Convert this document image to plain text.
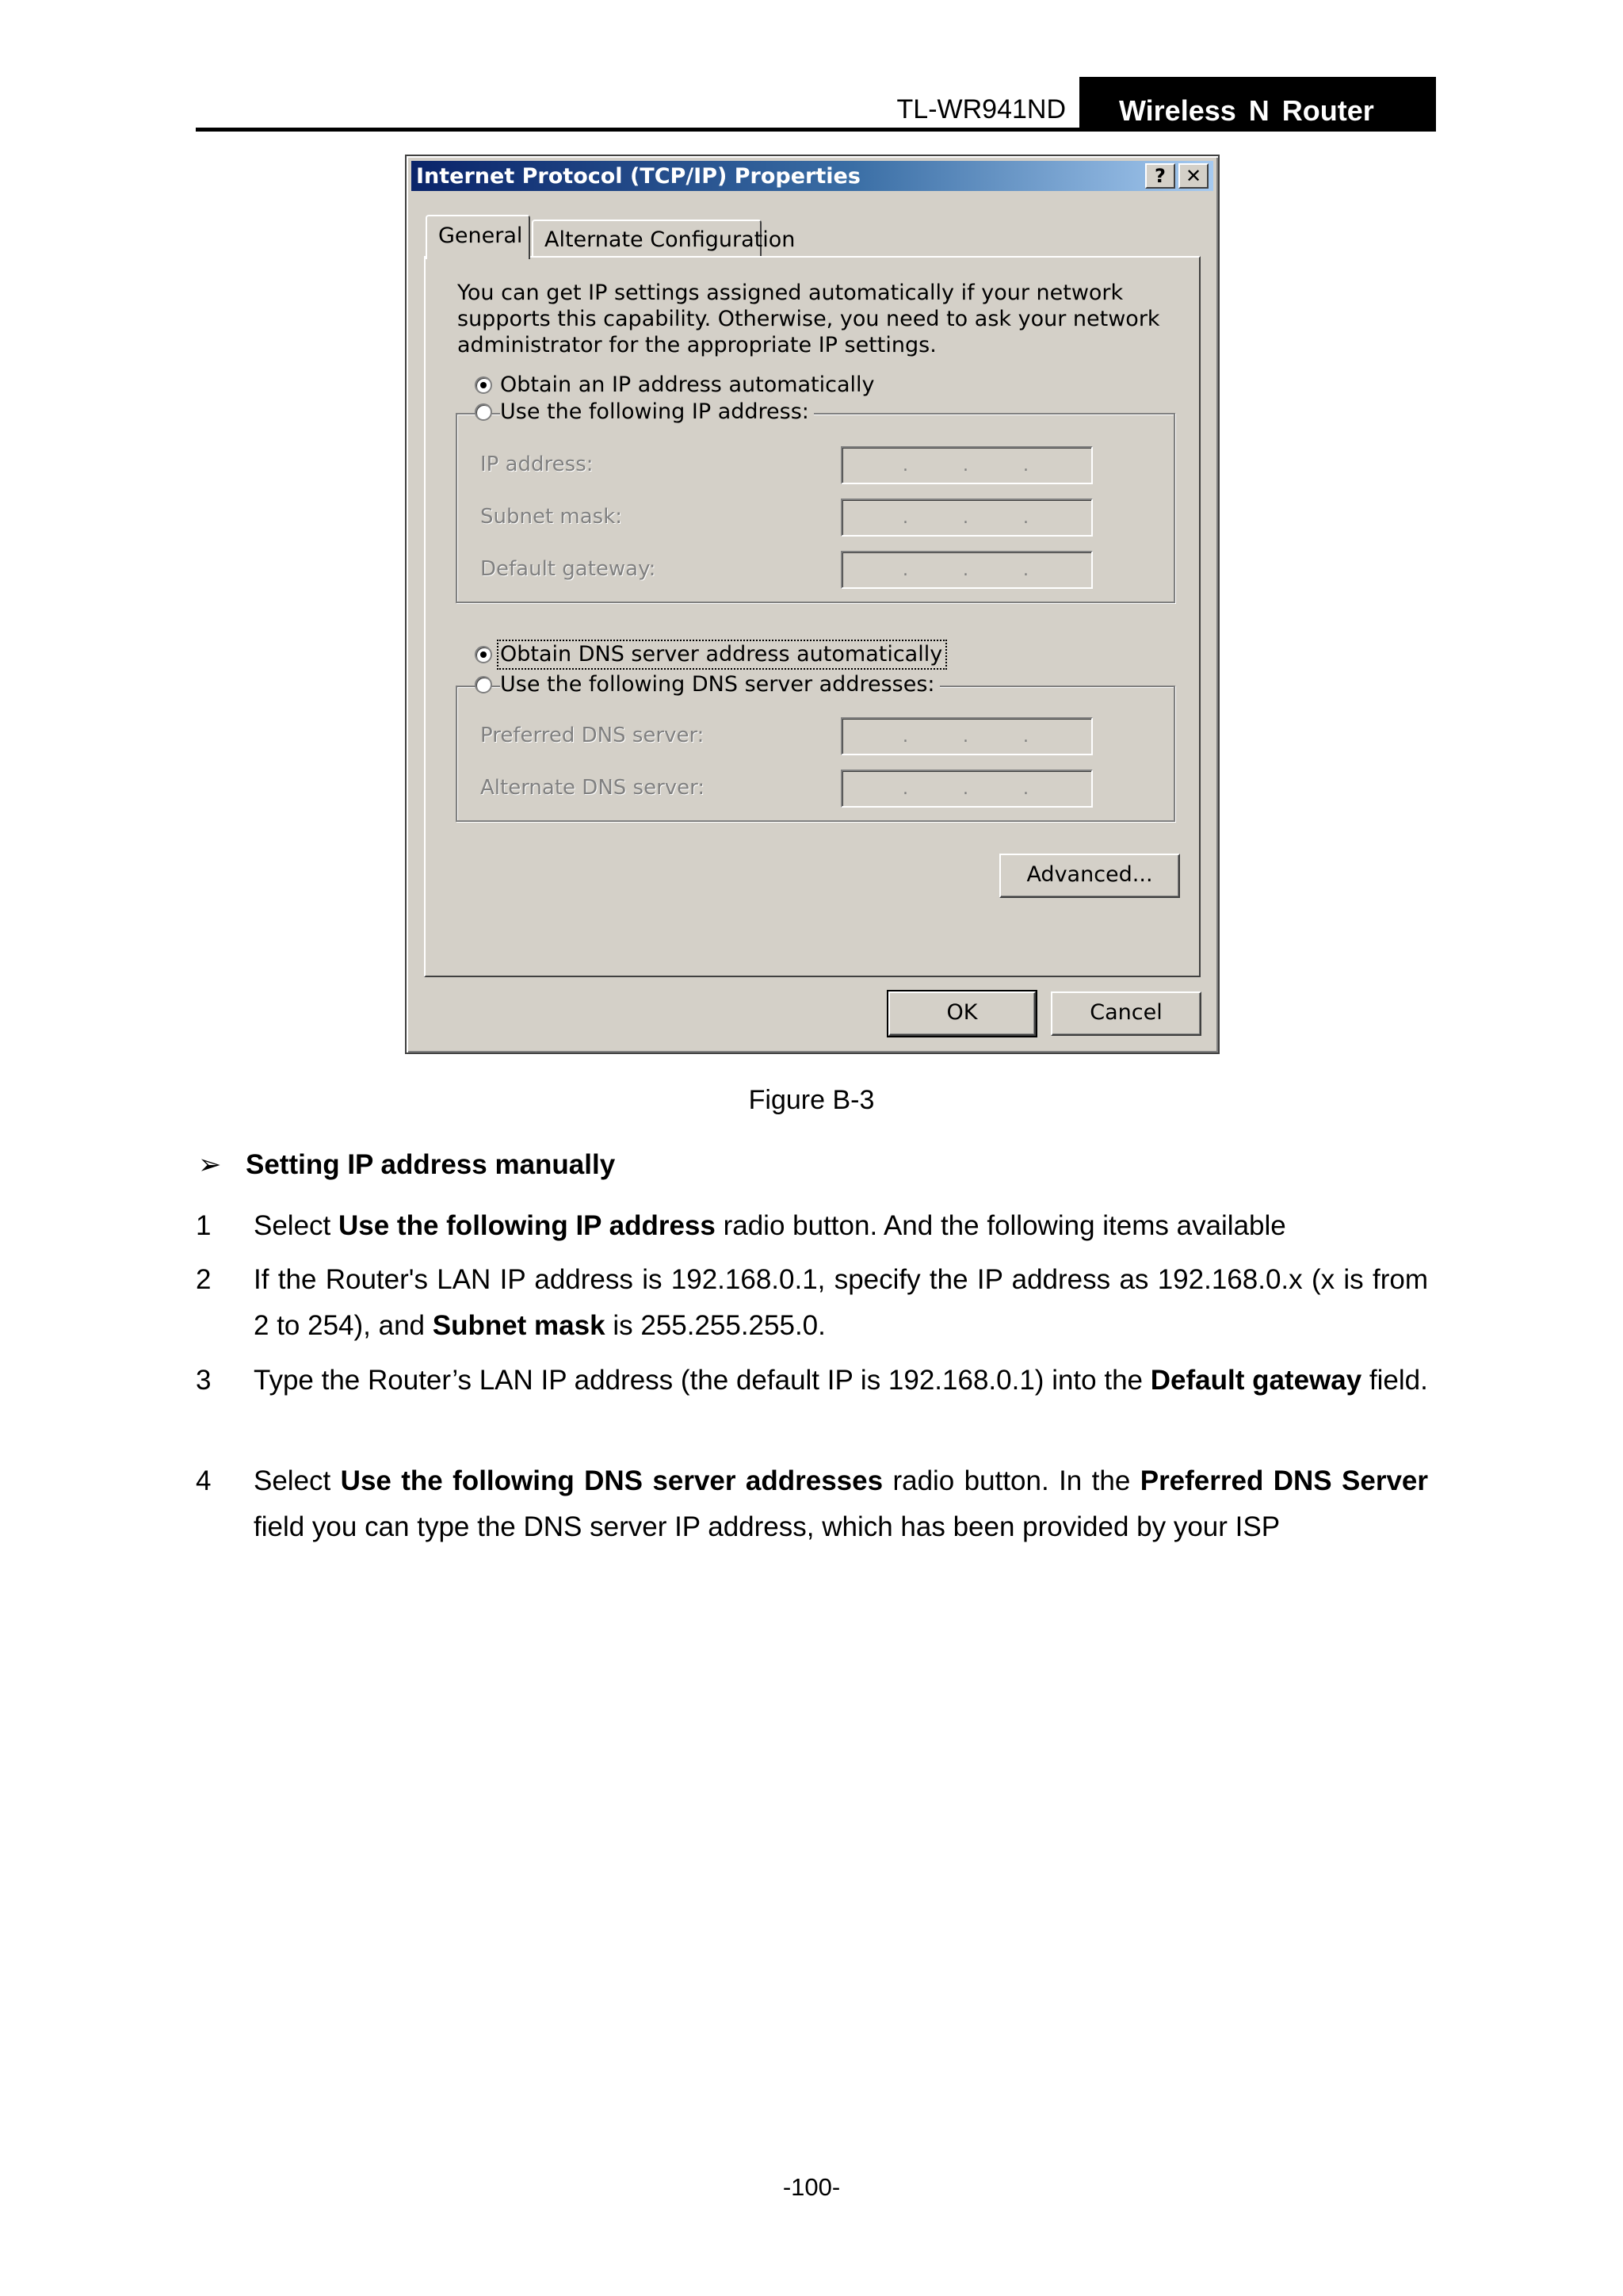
TL-WR941ND	Wireless N Router
Internet Protocol (TCP/IP) Properties	?	✕
General	Alternate Configuration

You can get IP settings assigned automatically if your network supports this capability. Otherwise, you need to ask your network administrator for the appropriate IP settings.

Obtain an IP address automatically
Use the following IP address:
IP address:	.	.	.
Subnet mask:	.	.	.
Default gateway:	.	.	.
Obtain DNS server address automatically
Use the following DNS server addresses:
Preferred DNS server:	.	.	.
Alternate DNS server:	.	.	.
Advanced...
OK	Cancel
Figure B-3
➢ Setting IP address manually
1 Select Use the following IP address radio button. And the following items available
2 If the Router's LAN IP address is 192.168.0.1, specify the IP address as 192.168.0.x (x is from 2 to 254), and Subnet mask is 255.255.255.0.
3 Type the Router’s LAN IP address (the default IP is 192.168.0.1) into the Default gateway field.
4 Select Use the following DNS server addresses radio button. In the Preferred DNS Server field you can type the DNS server IP address, which has been provided by your ISP
-100-
